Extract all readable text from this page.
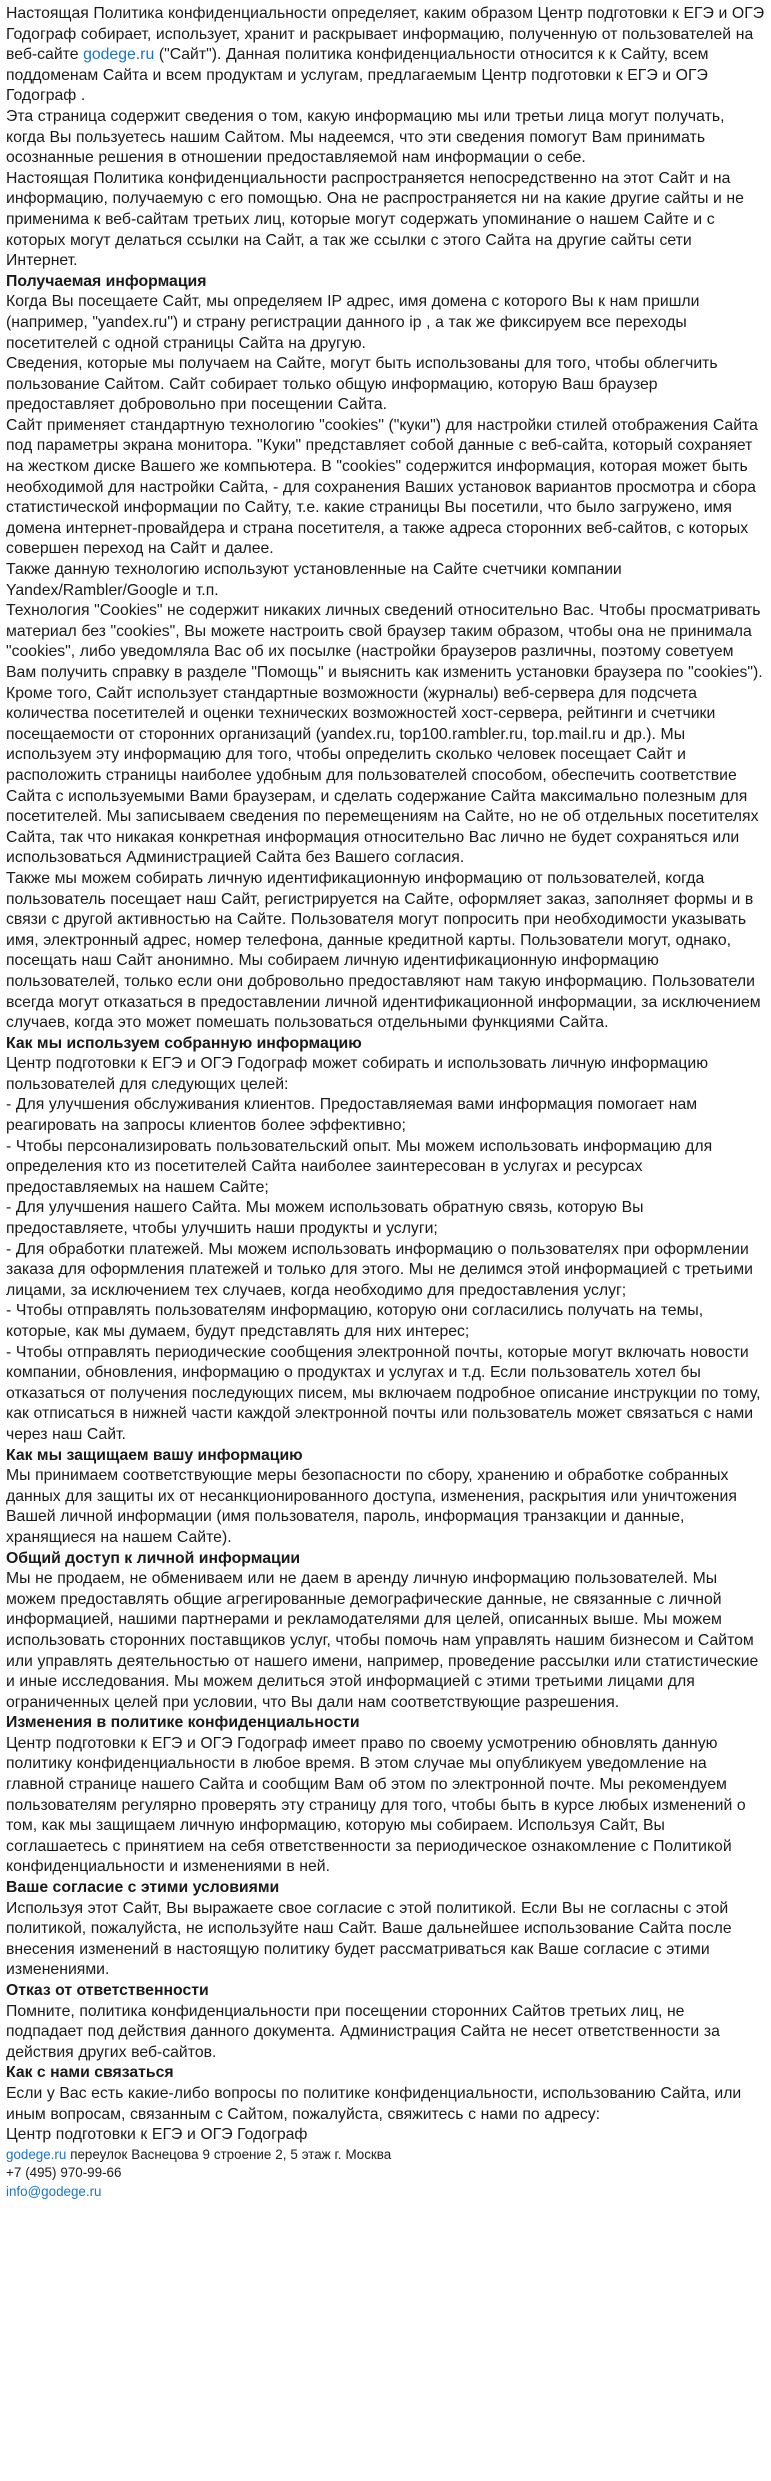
Настоящая Политика конфиденциальности определяет, каким образом Центр подготовки к ЕГЭ и ОГЭ Годограф собирает, использует, хранит и раскрывает информацию, полученную от пользователей на веб-сайте godege.ru ("Сайт"). Данная политика конфиденциальности относится к к Сайту, всем поддоменам Сайта и всем продуктам и услугам, предлагаемым Центр подготовки к ЕГЭ и ОГЭ Годограф .

Эта страница содержит сведения о том, какую информацию мы или третьи лица могут получать, когда Вы пользуетесь нашим Сайтом. Мы надеемся, что эти сведения помогут Вам принимать осознанные решения в отношении предоставляемой нам информации о себе.

Настоящая Политика конфиденциальности распространяется непосредственно на этот Сайт и на информацию, получаемую с его помощью. Она не распространяется ни на какие другие сайты и не применима к веб-сайтам третьих лиц, которые могут содержать упоминание о нашем Сайте и с которых могут делаться ссылки на Сайт, а так же ссылки с этого Сайта на другие сайты сети Интернет.

Получаемая информация

Когда Вы посещаете Сайт, мы определяем IP адрес, имя домена с которого Вы к нам пришли (например, "yandex.ru") и страну регистрации данного ip , а так же фиксируем все переходы посетителей с одной страницы Сайта на другую.

Сведения, которые мы получаем на Сайте, могут быть использованы для того, чтобы облегчить пользование Сайтом. Сайт собирает только общую информацию, которую Ваш браузер предоставляет добровольно при посещении Сайта.

Сайт применяет стандартную технологию "cookies" ("куки") для настройки стилей отображения Сайта под параметры экрана монитора. "Куки" представляет собой данные с веб-сайта, который сохраняет на жестком диске Вашего же компьютера. В "cookies" содержится информация, которая может быть необходимой для настройки Сайта, - для сохранения Ваших установок вариантов просмотра и сбора статистической информации по Сайту, т.е. какие страницы Вы посетили, что было загружено, имя домена интернет-провайдера и страна посетителя, а также адреса сторонних веб-сайтов, с которых совершен переход на Сайт и далее.

Также данную технологию используют установленные на Сайте счетчики компании Yandex/Rambler/Google и т.п.

Технология "Cookies" не содержит никаких личных сведений относительно Вас. Чтобы просматривать материал без "cookies", Вы можете настроить свой браузер таким образом, чтобы она не принимала "cookies", либо уведомляла Вас об их посылке (настройки браузеров различны, поэтому советуем Вам получить справку в разделе "Помощь" и выяснить как изменить установки браузера по "cookies").

Кроме того, Сайт использует стандартные возможности (журналы) веб-сервера для подсчета количества посетителей и оценки технических возможностей хост-сервера, рейтинги и счетчики посещаемости от сторонних организаций (yandex.ru, top100.rambler.ru, top.mail.ru и др.). Мы используем эту информацию для того, чтобы определить сколько человек посещает Сайт и расположить страницы наиболее удобным для пользователей способом, обеспечить соответствие Сайта с используемыми Вами браузерам, и сделать содержание Сайта максимально полезным для посетителей. Мы записываем сведения по перемещениям на Сайте, но не об отдельных посетителях Сайта, так что никакая конкретная информация относительно Вас лично не будет сохраняться или использоваться Администрацией Сайта без Вашего согласия.

Также мы можем собирать личную идентификационную информацию от пользователей, когда пользователь посещает наш Сайт, регистрируется на Сайте, оформляет заказ, заполняет формы и в связи с другой активностью на Сайте. Пользователя могут попросить при необходимости указывать имя, электронный адрес, номер телефона, данные кредитной карты. Пользователи могут, однако, посещать наш Сайт анонимно. Мы собираем личную идентификационную информацию пользователей, только если они добровольно предоставляют нам такую информацию. Пользователи всегда могут отказаться в предоставлении личной идентификационной информации, за исключением случаев, когда это может помешать пользоваться отдельными функциями Сайта.

Как мы используем собранную информацию

Центр подготовки к ЕГЭ и ОГЭ Годограф может собирать и использовать личную информацию пользователей для следующих целей:

- Для улучшения обслуживания клиентов. Предоставляемая вами информация помогает нам реагировать на запросы клиентов более эффективно;

- Чтобы персонализировать пользовательский опыт. Мы можем использовать информацию для определения кто из посетителей Сайта наиболее заинтересован в услугах и ресурсах предоставляемых на нашем Сайте;

- Для улучшения нашего Сайта. Мы можем использовать обратную связь, которую Вы предоставляете, чтобы улучшить наши продукты и услуги;

- Для обработки платежей. Мы можем использовать информацию о пользователях при оформлении заказа для оформления платежей и только для этого. Мы не делимся этой информацией с третьими лицами, за исключением тех случаев, когда необходимо для предоставления услуг;

- Чтобы отправлять пользователям информацию, которую они согласились получать на темы, которые, как мы думаем, будут представлять для них интерес;

- Чтобы отправлять периодические сообщения электронной почты, которые могут включать новости компании, обновления, информацию о продуктах и услугах и т.д. Если пользователь хотел бы отказаться от получения последующих писем, мы включаем подробное описание инструкции по тому, как отписаться в нижней части каждой электронной почты или пользователь может связаться с нами через наш Сайт.

Как мы защищаем вашу информацию

Мы принимаем соответствующие меры безопасности по сбору, хранению и обработке собранных данных для защиты их от несанкционированного доступа, изменения, раскрытия или уничтожения Вашей личной информации (имя пользователя, пароль, информация транзакции и данные, хранящиеся на нашем Сайте).

Общий доступ к личной информации

Мы не продаем, не обмениваем или не даем в аренду личную информацию пользователей. Мы можем предоставлять общие агрегированные демографические данные, не связанные с личной информацией, нашими партнерами и рекламодателями для целей, описанных выше. Мы можем использовать сторонних поставщиков услуг, чтобы помочь нам управлять нашим бизнесом и Сайтом или управлять деятельностью от нашего имени, например, проведение рассылки или статистические и иные исследования. Мы можем делиться этой информацией с этими третьими лицами для ограниченных целей при условии, что Вы дали нам соответствующие разрешения.

Изменения в политике конфиденциальности

Центр подготовки к ЕГЭ и ОГЭ Годограф имеет право по своему усмотрению обновлять данную политику конфиденциальности в любое время. В этом случае мы опубликуем уведомление на главной странице нашего Сайта и сообщим Вам об этом по электронной почте. Мы рекомендуем пользователям регулярно проверять эту страницу для того, чтобы быть в курсе любых изменений о том, как мы защищаем личную информацию, которую мы собираем. Используя Сайт, Вы соглашаетесь с принятием на себя ответственности за периодическое ознакомление с Политикой конфиденциальности и изменениями в ней.

Ваше согласие с этими условиями

Используя этот Сайт, Вы выражаете свое согласие с этой политикой. Если Вы не согласны с этой политикой, пожалуйста, не используйте наш Сайт. Ваше дальнейшее использование Сайта после внесения изменений в настоящую политику будет рассматриваться как Ваше согласие с этими изменениями.

Отказ от ответственности

Помните, политика конфиденциальности при посещении сторонних Сайтов третьих лиц, не подпадает под действия данного документа. Администрация Сайта не несет ответственности за действия других веб-сайтов.

Как с нами связаться

Если у Вас есть какие-либо вопросы по политике конфиденциальности, использованию Сайта, или иным вопросам, связанным с Сайтом, пожалуйста, свяжитесь с нами по адресу:

Центр подготовки к ЕГЭ и ОГЭ Годограф

godege.ru переулок Васнецова 9 строение 2, 5 этаж г. Москва

+7 (495) 970-99-66

info@godege.ru
